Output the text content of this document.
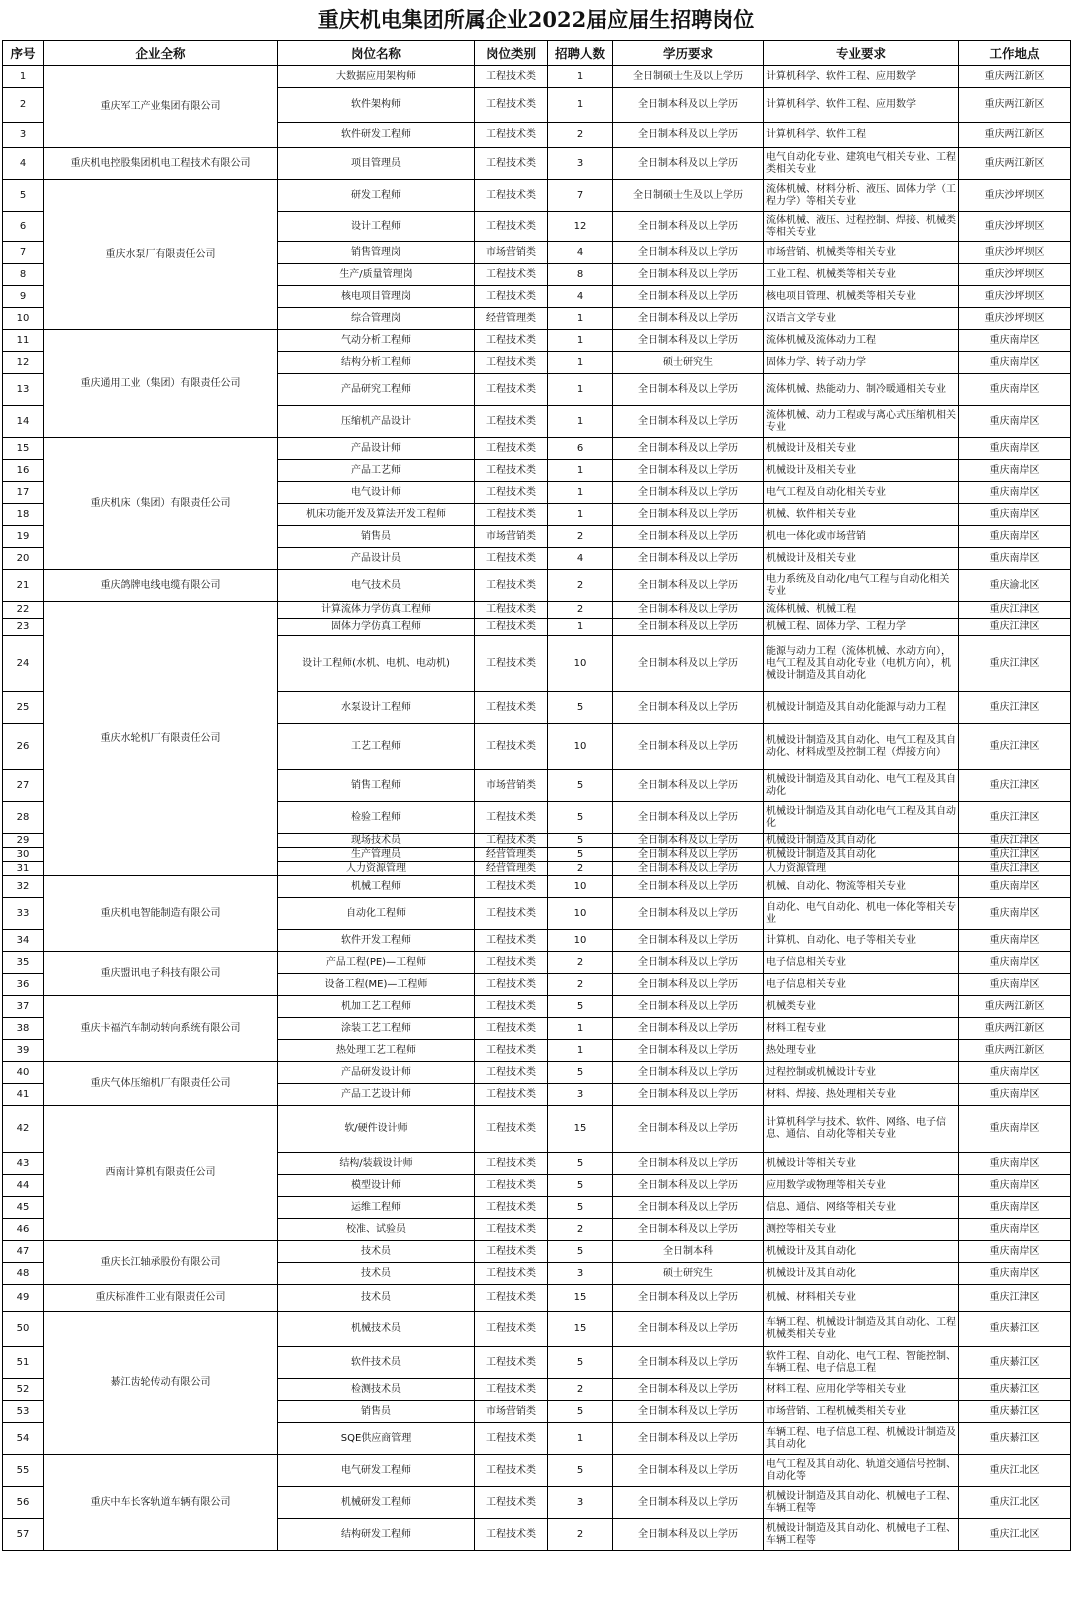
重庆机电集团所属企业2022届应届生招聘岗位
序号	企业全称	岗位名称	岗位类别	招聘人数	学历要求	专业要求	工作地点
1	重庆军工产业集团有限公司	大数据应用架构师	工程技术类	1	全日制硕士生及以上学历	计算机科学、软件工程、应用数学	重庆两江新区
2		软件架构师	工程技术类	1	全日制本科及以上学历	计算机科学、软件工程、应用数学	重庆两江新区
3		软件研发工程师	工程技术类	2	全日制本科及以上学历	计算机科学、软件工程	重庆两江新区
4	重庆机电控股集团机电工程技术有限公司	项目管理员	工程技术类	3	全日制本科及以上学历	电气自动化专业、建筑电气相关专业、工程类相关专业	重庆两江新区
5	重庆水泵厂有限责任公司	研发工程师	工程技术类	7	全日制硕士生及以上学历	流体机械、材料分析、液压、固体力学（工程力学）等相关专业	重庆沙坪坝区
6		设计工程师	工程技术类	12	全日制本科及以上学历	流体机械、液压、过程控制、焊接、机械类等相关专业	重庆沙坪坝区
7		销售管理岗	市场营销类	4	全日制本科及以上学历	市场营销、机械类等相关专业	重庆沙坪坝区
8		生产/质量管理岗	工程技术类	8	全日制本科及以上学历	工业工程、机械类等相关专业	重庆沙坪坝区
9		核电项目管理岗	工程技术类	4	全日制本科及以上学历	核电项目管理、机械类等相关专业	重庆沙坪坝区
10		综合管理岗	经营管理类	1	全日制本科及以上学历	汉语言文学专业	重庆沙坪坝区
11	重庆通用工业（集团）有限责任公司	气动分析工程师	工程技术类	1	全日制本科及以上学历	流体机械及流体动力工程	重庆南岸区
12		结构分析工程师	工程技术类	1	硕士研究生	固体力学、转子动力学	重庆南岸区
13		产品研究工程师	工程技术类	1	全日制本科及以上学历	流体机械、热能动力、制冷暖通相关专业	重庆南岸区
14		压缩机产品设计	工程技术类	1	全日制本科及以上学历	流体机械、动力工程或与离心式压缩机相关专业	重庆南岸区
15	重庆机床（集团）有限责任公司	产品设计师	工程技术类	6	全日制本科及以上学历	机械设计及相关专业	重庆南岸区
16		产品工艺师	工程技术类	1	全日制本科及以上学历	机械设计及相关专业	重庆南岸区
17		电气设计师	工程技术类	1	全日制本科及以上学历	电气工程及自动化相关专业	重庆南岸区
18		机床功能开发及算法开发工程师	工程技术类	1	全日制本科及以上学历	机械、软件相关专业	重庆南岸区
19		销售员	市场营销类	2	全日制本科及以上学历	机电一体化或市场营销	重庆南岸区
20		产品设计员	工程技术类	4	全日制本科及以上学历	机械设计及相关专业	重庆南岸区
21	重庆鸽牌电线电缆有限公司	电气技术员	工程技术类	2	全日制本科及以上学历	电力系统及自动化/电气工程与自动化相关专业	重庆渝北区
22	重庆水轮机厂有限责任公司	计算流体力学仿真工程师	工程技术类	2	全日制本科及以上学历	流体机械、机械工程	重庆江津区
23		固体力学仿真工程师	工程技术类	1	全日制本科及以上学历	机械工程、固体力学、工程力学	重庆江津区
24		设计工程师(水机、电机、电动机)	工程技术类	10	全日制本科及以上学历	能源与动力工程（流体机械、水动方向），电气工程及其自动化专业（电机方向），机械设计制造及其自动化	重庆江津区
25		水泵设计工程师	工程技术类	5	全日制本科及以上学历	机械设计制造及其自动化能源与动力工程	重庆江津区
26		工艺工程师	工程技术类	10	全日制本科及以上学历	机械设计制造及其自动化、电气工程及其自动化、材料成型及控制工程（焊接方向）	重庆江津区
27		销售工程师	市场营销类	5	全日制本科及以上学历	机械设计制造及其自动化、电气工程及其自动化	重庆江津区
28		检验工程师	工程技术类	5	全日制本科及以上学历	机械设计制造及其自动化电气工程及其自动化	重庆江津区
29		现场技术员	工程技术类	5	全日制本科及以上学历	机械设计制造及其自动化	重庆江津区
30		生产管理员	经营管理类	5	全日制本科及以上学历	机械设计制造及其自动化	重庆江津区
31		人力资源管理	经营管理类	2	全日制本科及以上学历	人力资源管理	重庆江津区
32	重庆机电智能制造有限公司	机械工程师	工程技术类	10	全日制本科及以上学历	机械、自动化、物流等相关专业	重庆南岸区
33		自动化工程师	工程技术类	10	全日制本科及以上学历	自动化、电气自动化、机电一体化等相关专业	重庆南岸区
34		软件开发工程师	工程技术类	10	全日制本科及以上学历	计算机、自动化、电子等相关专业	重庆南岸区
35	重庆盟讯电子科技有限公司	产品工程(PE)—工程师	工程技术类	2	全日制本科及以上学历	电子信息相关专业	重庆南岸区
36		设备工程(ME)—工程师	工程技术类	2	全日制本科及以上学历	电子信息相关专业	重庆南岸区
37	重庆卡福汽车制动转向系统有限公司	机加工艺工程师	工程技术类	5	全日制本科及以上学历	机械类专业	重庆两江新区
38		涂装工艺工程师	工程技术类	1	全日制本科及以上学历	材料工程专业	重庆两江新区
39		热处理工艺工程师	工程技术类	1	全日制本科及以上学历	热处理专业	重庆两江新区
40	重庆气体压缩机厂有限责任公司	产品研发设计师	工程技术类	5	全日制本科及以上学历	过程控制或机械设计专业	重庆南岸区
41		产品工艺设计师	工程技术类	3	全日制本科及以上学历	材料、焊接、热处理相关专业	重庆南岸区
42	西南计算机有限责任公司	软/硬件设计师	工程技术类	15	全日制本科及以上学历	计算机科学与技术、软件、网络、电子信息、通信、自动化等相关专业	重庆南岸区
43		结构/装载设计师	工程技术类	5	全日制本科及以上学历	机械设计等相关专业	重庆南岸区
44		模型设计师	工程技术类	5	全日制本科及以上学历	应用数学或物理等相关专业	重庆南岸区
45		运维工程师	工程技术类	5	全日制本科及以上学历	信息、通信、网络等相关专业	重庆南岸区
46		校准、试验员	工程技术类	2	全日制本科及以上学历	测控等相关专业	重庆南岸区
47	重庆长江轴承股份有限公司	技术员	工程技术类	5	全日制本科	机械设计及其自动化	重庆南岸区
48		技术员	工程技术类	3	硕士研究生	机械设计及其自动化	重庆南岸区
49	重庆标准件工业有限责任公司	技术员	工程技术类	15	全日制本科及以上学历	机械、材料相关专业	重庆江津区
50	綦江齿轮传动有限公司	机械技术员	工程技术类	15	全日制本科及以上学历	车辆工程、机械设计制造及其自动化、工程机械类相关专业	重庆綦江区
51		软件技术员	工程技术类	5	全日制本科及以上学历	软件工程、自动化、电气工程、智能控制、车辆工程、电子信息工程	重庆綦江区
52		检测技术员	工程技术类	2	全日制本科及以上学历	材料工程、应用化学等相关专业	重庆綦江区
53		销售员	市场营销类	5	全日制本科及以上学历	市场营销、工程机械类相关专业	重庆綦江区
54		SQE供应商管理	工程技术类	1	全日制本科及以上学历	车辆工程、电子信息工程、机械设计制造及其自动化	重庆綦江区
55	重庆中车长客轨道车辆有限公司	电气研发工程师	工程技术类	5	全日制本科及以上学历	电气工程及其自动化、轨道交通信号控制、自动化等	重庆江北区
56		机械研发工程师	工程技术类	3	全日制本科及以上学历	机械设计制造及其自动化、机械电子工程、车辆工程等	重庆江北区
57		结构研发工程师	工程技术类	2	全日制本科及以上学历	机械设计制造及其自动化、机械电子工程、车辆工程等	重庆江北区
